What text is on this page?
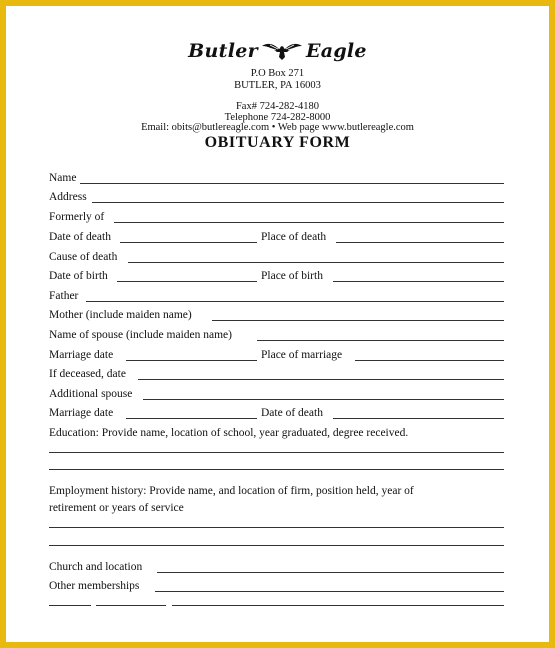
Butler	Eagle
P.O Box 271
BUTLER, PA 16003
Fax# 724-282-4180
Telephone 724-282-8000
Email: obits@butlereagle.com • Web page www.butlereagle.com
OBITUARY FORM
Name
Address
Formerly of
Date of death	Place of death
Cause of death
Date of birth	Place of birth
Father
Mother (include maiden name)
Name of spouse (include maiden name)
Marriage date	Place of marriage
If deceased, date
Additional spouse
Marriage date	Date of death
Education: Provide name, location of school, year graduated, degree received.
Employment history: Provide name, and location of firm, position held, year of
retirement or years of service
Church and location
Other memberships
